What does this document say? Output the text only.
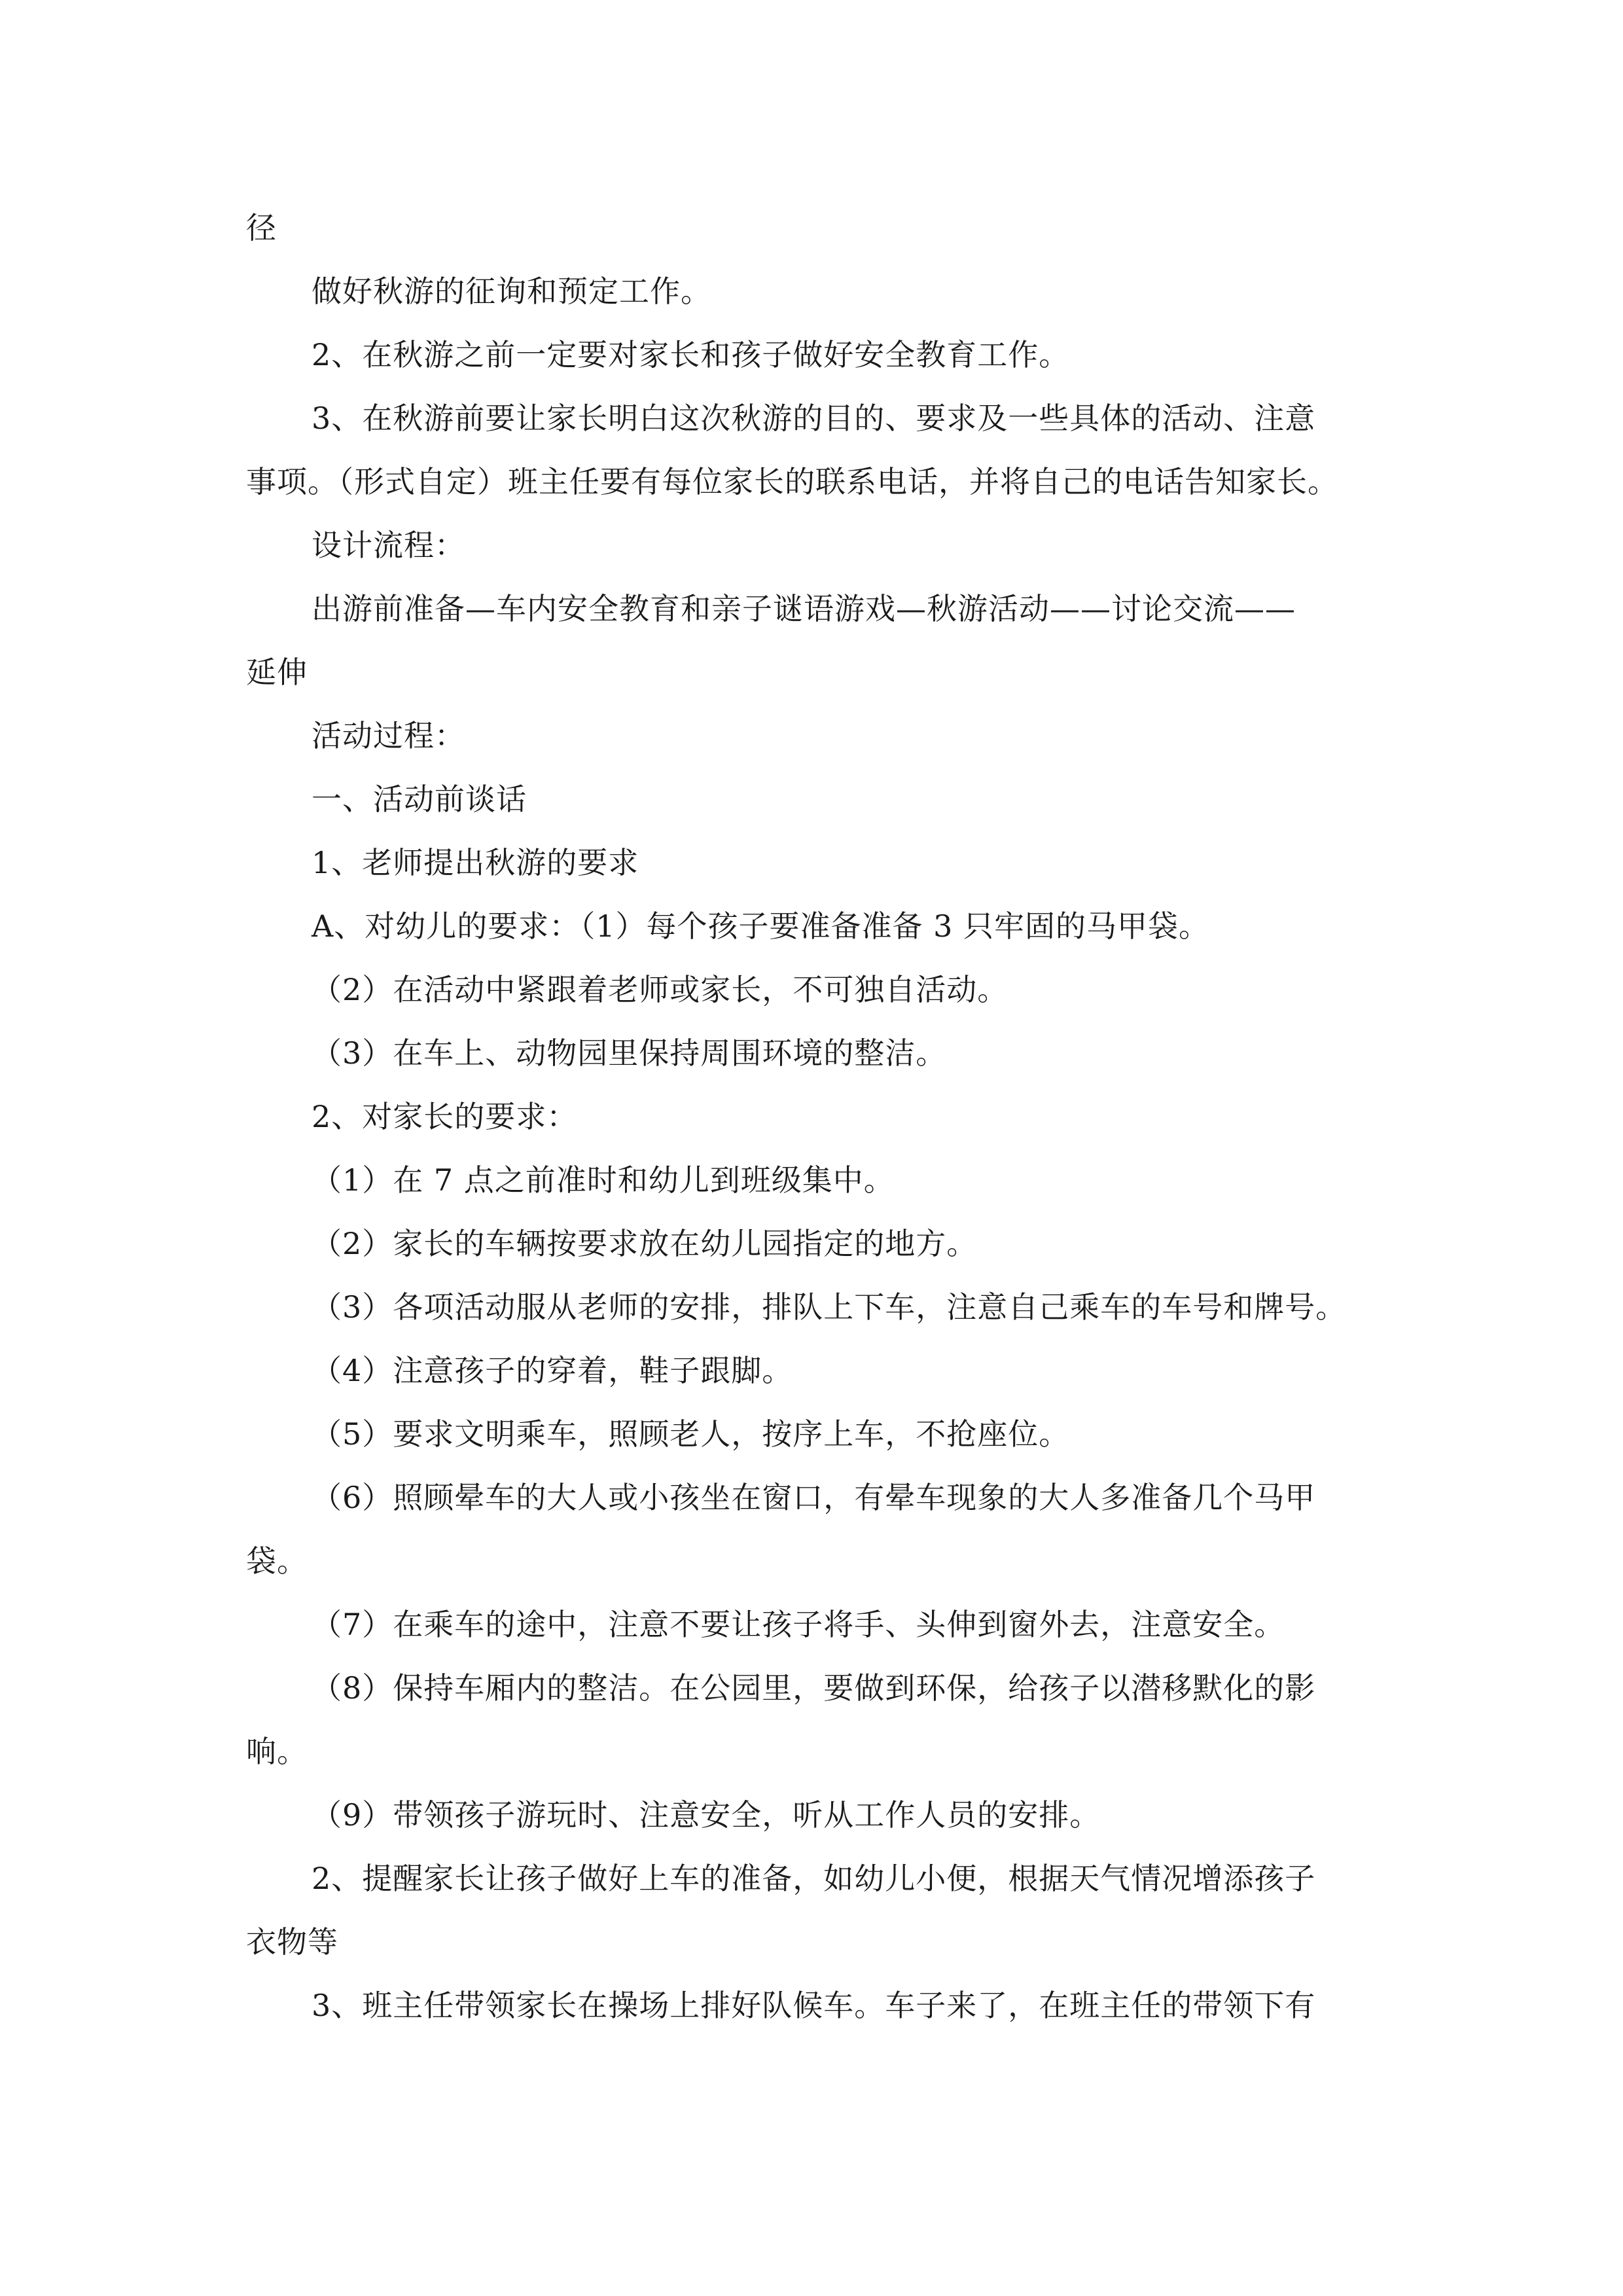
径
做好秋游的征询和预定工作。
2、在秋游之前一定要对家长和孩子做好安全教育工作。
3、在秋游前要让家长明白这次秋游的目的、要求及一些具体的活动、注意
事项。（形式自定）班主任要有每位家长的联系电话，并将自己的电话告知家长。
设计流程：
出游前准备—车内安全教育和亲子谜语游戏—秋游活动——讨论交流——
延伸
活动过程：
一、活动前谈话
1、老师提出秋游的要求
A、对幼儿的要求：（1）每个孩子要准备准备 3 只牢固的马甲袋。
（2）在活动中紧跟着老师或家长，不可独自活动。
（3）在车上、动物园里保持周围环境的整洁。
2、对家长的要求：
（1）在 7 点之前准时和幼儿到班级集中。
（2）家长的车辆按要求放在幼儿园指定的地方。
（3）各项活动服从老师的安排，排队上下车，注意自己乘车的车号和牌号。
（4）注意孩子的穿着，鞋子跟脚。
（5）要求文明乘车，照顾老人，按序上车，不抢座位。
（6）照顾晕车的大人或小孩坐在窗口，有晕车现象的大人多准备几个马甲
袋。
（7）在乘车的途中，注意不要让孩子将手、头伸到窗外去，注意安全。
（8）保持车厢内的整洁。在公园里，要做到环保，给孩子以潜移默化的影
响。
（9）带领孩子游玩时、注意安全，听从工作人员的安排。
2、提醒家长让孩子做好上车的准备，如幼儿小便，根据天气情况增添孩子
衣物等
3、班主任带领家长在操场上排好队候车。车子来了，在班主任的带领下有
